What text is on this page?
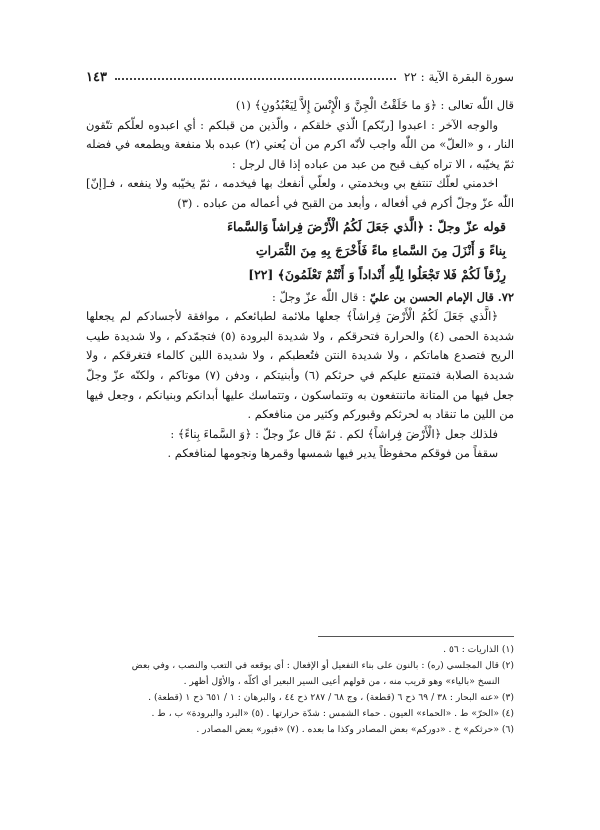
سورة البقرة الآية : ٢٢
١٤٣

قال اللّٰه تعالى : ﴿وَ ما خَلَقْتُ الْجِنَّ وَ الْإِنْسَ إِلاَّ لِيَعْبُدُونِ﴾ (١)

والوجه الآخر : اعبدوا [ربّكم] الّذي خلقكم ، والّذين من قبلكم : أي اعبدوه لعلّكم تتّقون النار ، و «العلّ» من اللّٰه واجب لأنّه اكرم من أن يُعني (٢) عبده بلا منفعة ويطمعه في فضله ثمّ يخيّبه ، الا تراه كيف قبح من عبد من عباده إذا قال لرجل :

اخدمني لعلّك تنتفع بي وبخدمتي ، ولعلّي أنفعك بها فيخدمه ، ثمّ يخيّبه ولا ينفعه ، فـ[إنّ] اللّٰه عزّ وجلّ أكرم في أفعاله ، وأبعد من القبح في أعماله من عباده . (٣)

قوله عزّ وجلّ : ﴿الَّذي جَعَلَ لَكُمُ الْأَرْضَ فِراشاً وَالسَّماءَ

بِناءً وَ أَنْزَلَ مِنَ السَّماءِ ماءً فَأَخْرَجَ بِهِ مِنَ الثَّمَراتِ

رِزْقاً لَكُمْ فَلا تَجْعَلُوا لِلّٰهِ أَنْداداً وَ أَنْتُمْ تَعْلَمُونَ﴾ [٢٢]

٧٢. قال الإمام الحسن بن عليّ : قال اللّٰه عزّ وجلّ :

﴿الَّذي جَعَلَ لَكُمُ الْأَرْضَ فِراشاً﴾ جعلها ملائمة لطبائعكم ، موافقة لأجسادكم لم يجعلها شديدة الحمى (٤) والحرارة فتحرقكم ، ولا شديدة البرودة (٥) فتجمّدكم ، ولا شديدة طيب الريح فتصدع هاماتكم ، ولا شديدة النتن فتُعطبكم ، ولا شديدة اللين كالماء فتغرقكم ، ولا شديدة الصلابة فتمتنع عليكم في حرثكم (٦) وأبنيتكم ، ودفن (٧) موتاكم ، ولكنّه عزّ وجلّ جعل فيها من المتانة ماتنتفعون به وتتماسكون ، وتتماسك عليها أبدانكم وبنيانكم ، وجعل فيها من اللين ما تنقاد به لحرثكم وقبوركم وكثير من منافعكم .

فلذلك جعل ﴿الْأَرْضَ فِراشاً﴾ لكم . ثمّ قال عزّ وجلّ : ﴿وَ السَّماءَ بِناءً﴾ :

سقفاً من فوقكم محفوظاً يدير فيها شمسها وقمرها ونجومها لمنافعكم .

(١) الذاريات : ٥٦ .

(٢) قال المجلسي (ره) : بالنون على بناء التفعيل أو الإفعال : أي يوقعه في التعب والنصب ، وفي بعض

النسخ «بالياء» وهو قريب منه ، من قولهم أعيى السير البعير أي أكلّه ، والأوّل أظهر .

(٣) «عنه البحار : ٣٨ / ٦٩ ذح ٦ (قطعة) ، وج ٦٨ / ٢٨٧ ذح ٤٤ ، والبرهان : ١ / ٦٥١ ذح ١ (قطعة) .

(٤) «الحرّ» ط . «الحماء» العيون . حماء الشمس : شدّة حرارتها . (٥) «البرد والبرودة» ب ، ط .

(٦) «حرثكم» خ . «دوركم» بعض المصادر وكذا ما بعده . (٧) «قبور» بعض المصادر .
